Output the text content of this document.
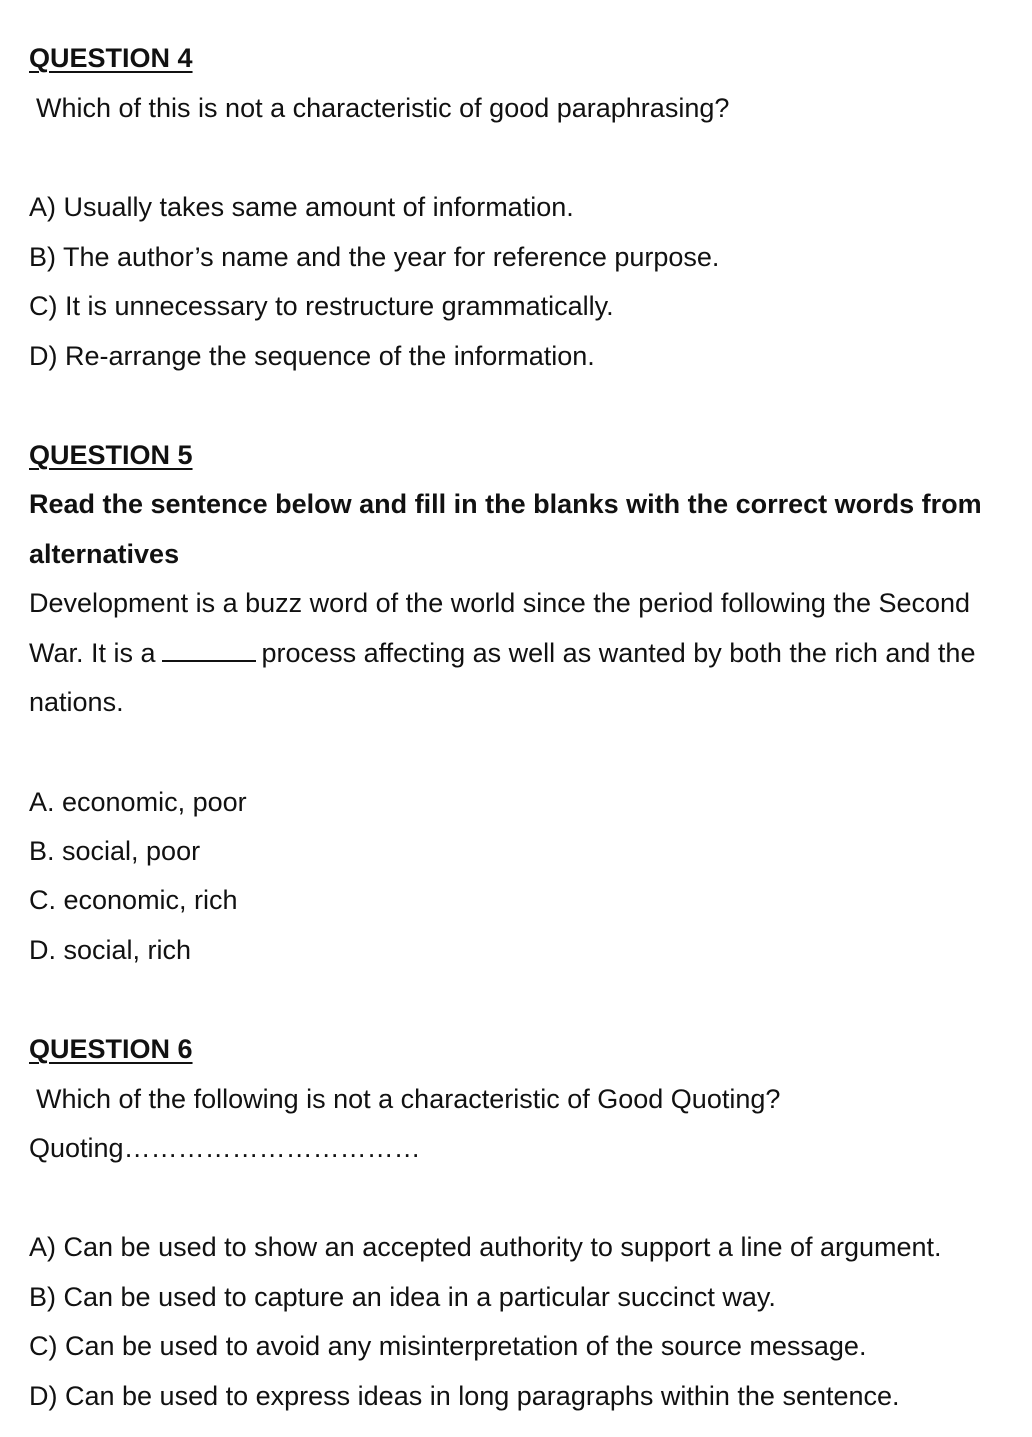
QUESTION 4
Which of this is not a characteristic of good paraphrasing?
A) Usually takes same amount of information.
B) The author’s name and the year for reference purpose.
C) It is unnecessary to restructure grammatically.
D) Re-arrange the sequence of the information.
QUESTION 5
Read the sentence below and fill in the blanks with the correct words from
alternatives
Development is a buzz word of the world since the period following the Second
War. It is a	process affecting as well as wanted by both the rich and the
nations.
A. economic, poor
B. social, poor
C. economic, rich
D. social, rich
QUESTION 6
Which of the following is not a characteristic of Good Quoting?
Quoting……………………………
A) Can be used to show an accepted authority to support a line of argument.
B) Can be used to capture an idea in a particular succinct way.
C) Can be used to avoid any misinterpretation of the source message.
D) Can be used to express ideas in long paragraphs within the sentence.
